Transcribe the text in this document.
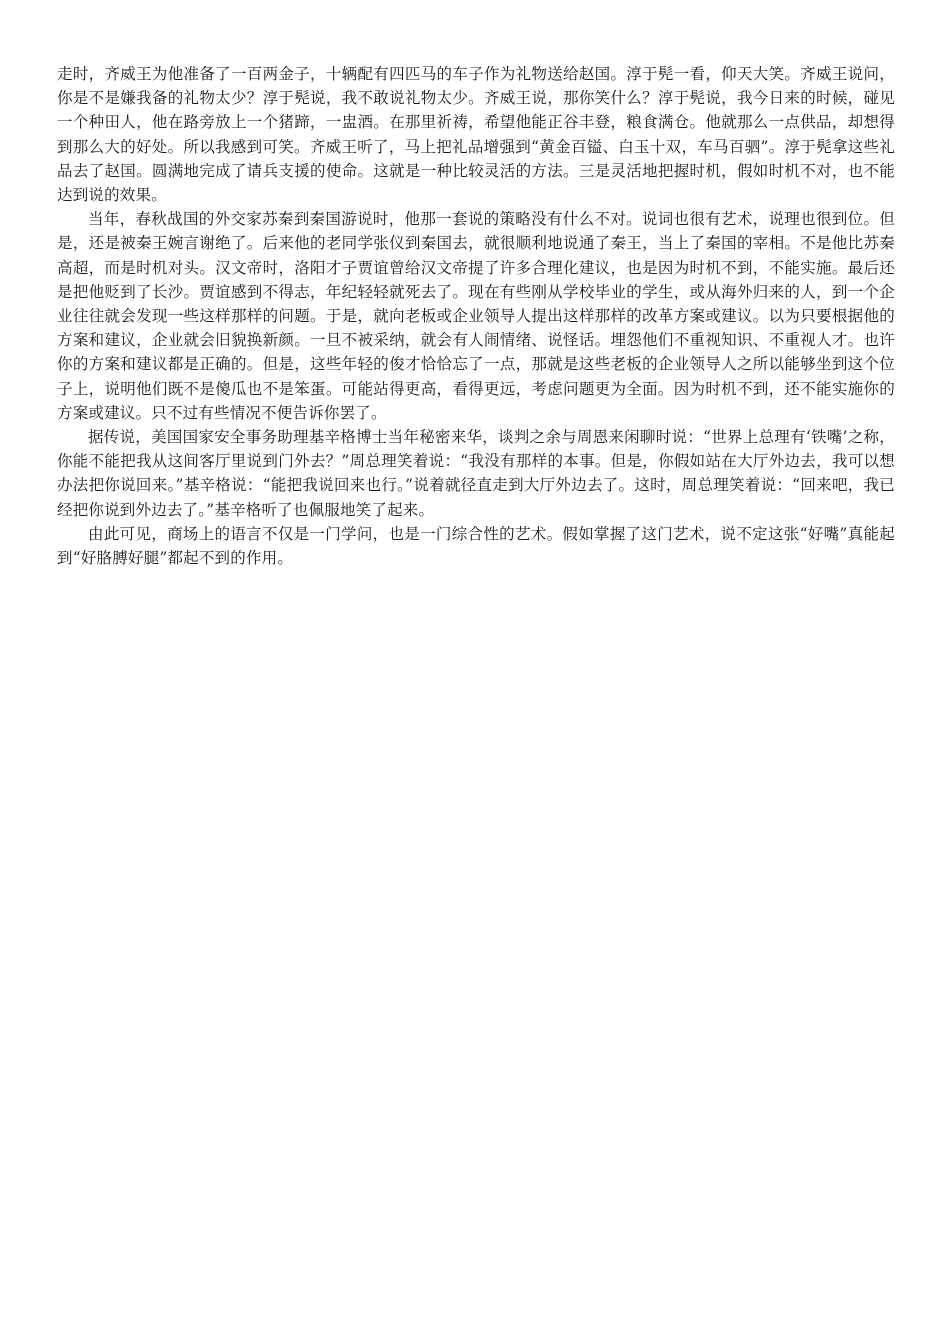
走时，齐威王为他准备了一百两金子，十辆配有四匹马的车子作为礼物送给赵国。淳于髡一看，仰天大笑。齐威王说问，你是不是嫌我备的礼物太少？淳于髡说，我不敢说礼物太少。齐威王说，那你笑什么？淳于髡说，我今日来的时候，碰见一个种田人，他在路旁放上一个猪蹄，一盅酒。在那里祈祷，希望他能正谷丰登，粮食满仓。他就那么一点供品，却想得到那么大的好处。所以我感到可笑。齐威王听了，马上把礼品增强到“黄金百镒、白玉十双，车马百驷”。淳于髡拿这些礼品去了赵国。圆满地完成了请兵支援的使命。这就是一种比较灵活的方法。三是灵活地把握时机，假如时机不对，也不能达到说的效果。

当年，春秋战国的外交家苏秦到秦国游说时，他那一套说的策略没有什么不对。说词也很有艺术，说理也很到位。但是，还是被秦王婉言谢绝了。后来他的老同学张仪到秦国去，就很顺利地说通了秦王，当上了秦国的宰相。不是他比苏秦高超，而是时机对头。汉文帝时，洛阳才子贾谊曾给汉文帝提了许多合理化建议，也是因为时机不到，不能实施。最后还是把他贬到了长沙。贾谊感到不得志，年纪轻轻就死去了。现在有些刚从学校毕业的学生，或从海外归来的人，到一个企业往往就会发现一些这样那样的问题。于是，就向老板或企业领导人提出这样那样的改革方案或建议。以为只要根据他的方案和建议，企业就会旧貌换新颜。一旦不被采纳，就会有人闹情绪、说怪话。埋怨他们不重视知识、不重视人才。也许你的方案和建议都是正确的。但是，这些年轻的俊才恰恰忘了一点，那就是这些老板的企业领导人之所以能够坐到这个位子上，说明他们既不是傻瓜也不是笨蛋。可能站得更高，看得更远，考虑问题更为全面。因为时机不到，还不能实施你的方案或建议。只不过有些情况不便告诉你罢了。

据传说，美国国家安全事务助理基辛格博士当年秘密来华，谈判之余与周恩来闲聊时说：“世界上总理有‘铁嘴’之称，你能不能把我从这间客厅里说到门外去？”周总理笑着说：“我没有那样的本事。但是，你假如站在大厅外边去，我可以想办法把你说回来。”基辛格说：“能把我说回来也行。”说着就径直走到大厅外边去了。这时，周总理笑着说：“回来吧，我已经把你说到外边去了。”基辛格听了也佩服地笑了起来。

由此可见，商场上的语言不仅是一门学问，也是一门综合性的艺术。假如掌握了这门艺术，说不定这张“好嘴”真能起到“好胳膊好腿”都起不到的作用。
